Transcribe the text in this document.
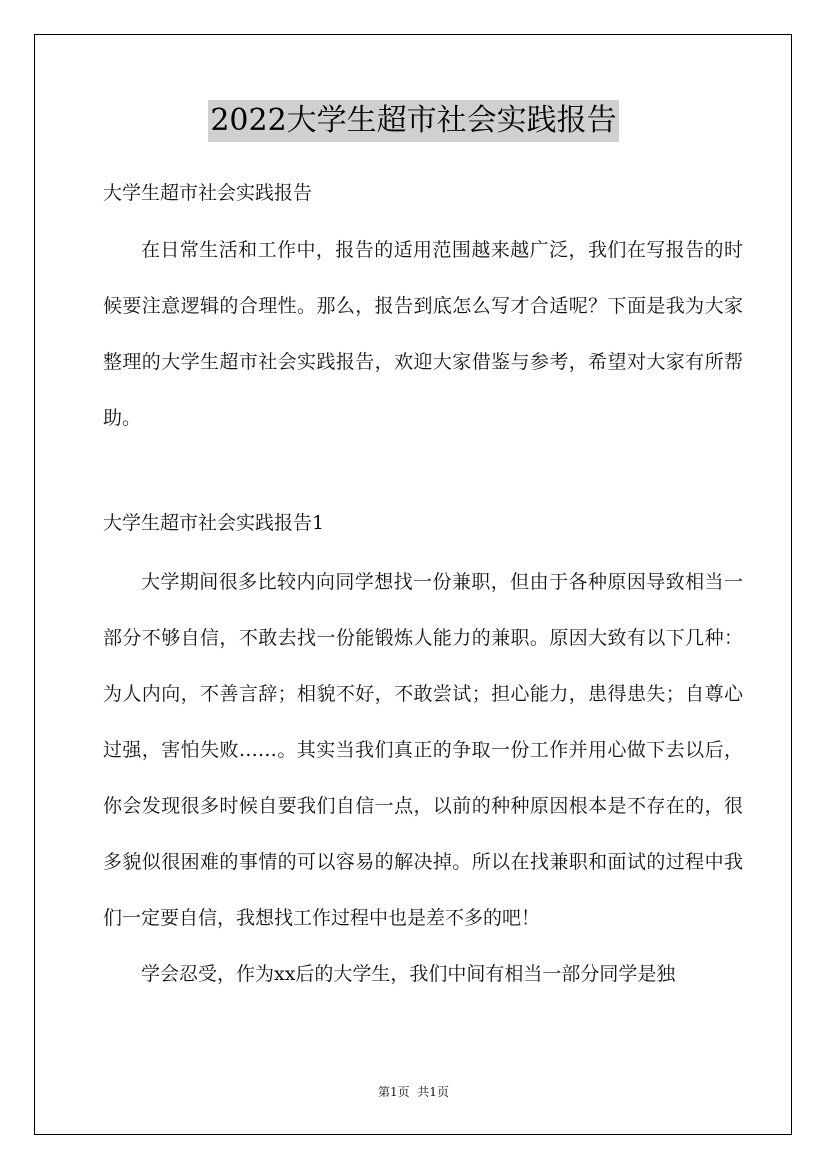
2022大学生超市社会实践报告

大学生超市社会实践报告

在日常生活和工作中，报告的适用范围越来越广泛，我们在写报告的时候要注意逻辑的合理性。那么，报告到底怎么写才合适呢？下面是我为大家整理的大学生超市社会实践报告，欢迎大家借鉴与参考，希望对大家有所帮助。

大学生超市社会实践报告1

大学期间很多比较内向同学想找一份兼职，但由于各种原因导致相当一部分不够自信，不敢去找一份能锻炼人能力的兼职。原因大致有以下几种：为人内向，不善言辞；相貌不好，不敢尝试；担心能力，患得患失；自尊心过强，害怕失败……。其实当我们真正的争取一份工作并用心做下去以后，你会发现很多时候自要我们自信一点，以前的种种原因根本是不存在的，很多貌似很困难的事情的可以容易的解决掉。所以在找兼职和面试的过程中我们一定要自信，我想找工作过程中也是差不多的吧！

学会忍受，作为xx后的大学生，我们中间有相当一部分同学是独

第1页  共1页
